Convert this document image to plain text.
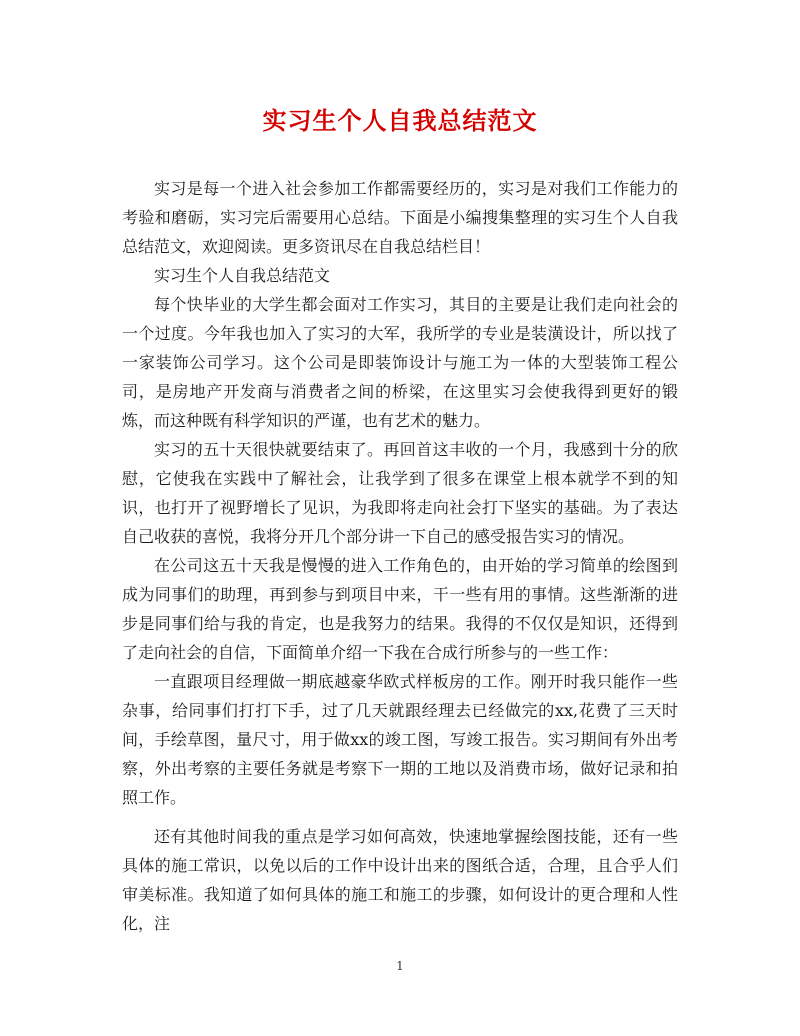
实习生个人自我总结范文

实习是每一个进入社会参加工作都需要经历的，实习是对我们工作能力的考验和磨砺，实习完后需要用心总结。下面是小编搜集整理的实习生个人自我总结范文，欢迎阅读。更多资讯尽在自我总结栏目！

实习生个人自我总结范文

每个快毕业的大学生都会面对工作实习，其目的主要是让我们走向社会的一个过度。今年我也加入了实习的大军，我所学的专业是装潢设计，所以找了一家装饰公司学习。这个公司是即装饰设计与施工为一体的大型装饰工程公司，是房地产开发商与消费者之间的桥梁，在这里实习会使我得到更好的锻炼，而这种既有科学知识的严谨，也有艺术的魅力。

实习的五十天很快就要结束了。再回首这丰收的一个月，我感到十分的欣慰，它使我在实践中了解社会，让我学到了很多在课堂上根本就学不到的知识，也打开了视野增长了见识，为我即将走向社会打下坚实的基础。为了表达自己收获的喜悦，我将分开几个部分讲一下自己的感受报告实习的情况。

在公司这五十天我是慢慢的进入工作角色的，由开始的学习简单的绘图到成为同事们的助理，再到参与到项目中来，干一些有用的事情。这些渐渐的进步是同事们给与我的肯定，也是我努力的结果。我得的不仅仅是知识，还得到了走向社会的自信，下面简单介绍一下我在合成行所参与的一些工作：

一直跟项目经理做一期底越豪华欧式样板房的工作。刚开时我只能作一些杂事，给同事们打打下手，过了几天就跟经理去已经做完的xx,花费了三天时间，手绘草图，量尺寸，用于做xx的竣工图，写竣工报告。实习期间有外出考察，外出考察的主要任务就是考察下一期的工地以及消费市场，做好记录和拍照工作。

还有其他时间我的重点是学习如何高效，快速地掌握绘图技能，还有一些具体的施工常识，以免以后的工作中设计出来的图纸合适，合理，且合乎人们审美标准。我知道了如何具体的施工和施工的步骤，如何设计的更合理和人性化，注

1
